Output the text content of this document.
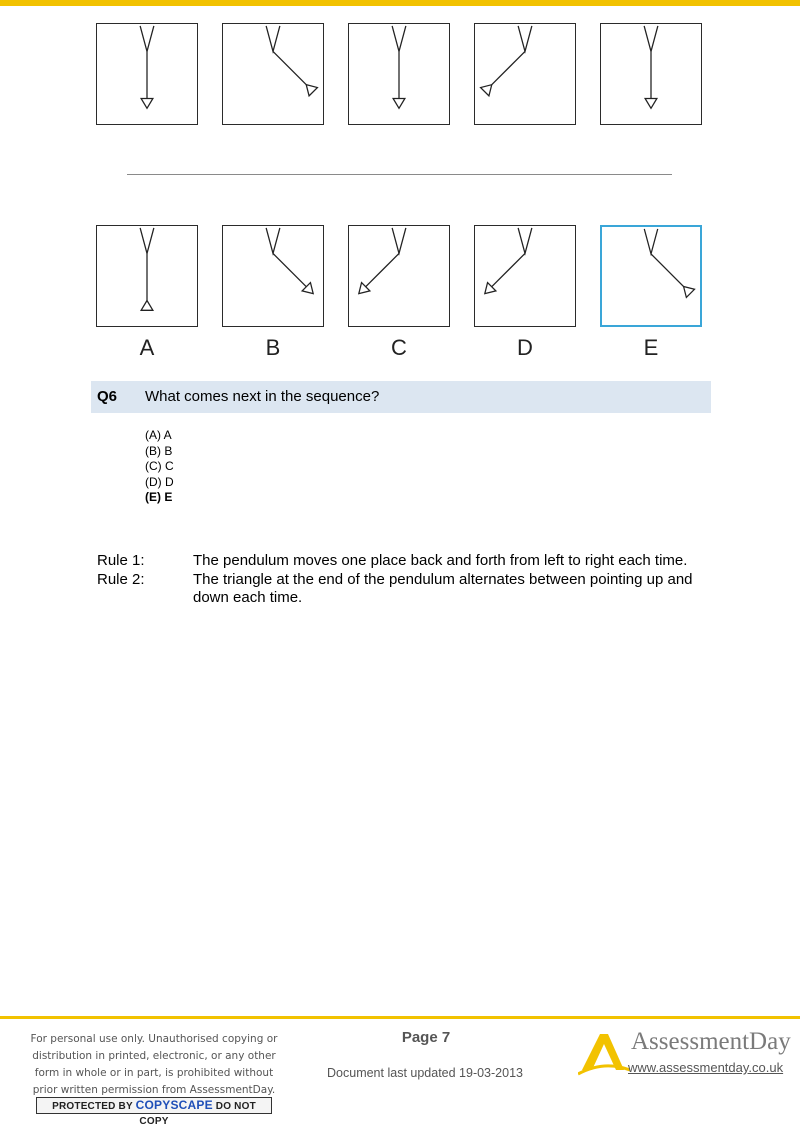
Q6 What comes next in the sequence?
(A) A
(B) B
(C) C
(D) D
(E) E
Rule 1:	The pendulum moves one place back and forth from left to right each time.
Rule 2:	The triangle at the end of the pendulum alternates between pointing up and down each time.
For personal use only. Unauthorised copying or
distribution in printed, electronic, or any other
form in whole or in part, is prohibited without
prior written permission from AssessmentDay.
PROTECTED BY COPYSCAPE DO NOT COPY
Page 7
Document last updated 19-03-2013
AssessmentDay
www.assessmentday.co.uk
A	B	C	D	E
